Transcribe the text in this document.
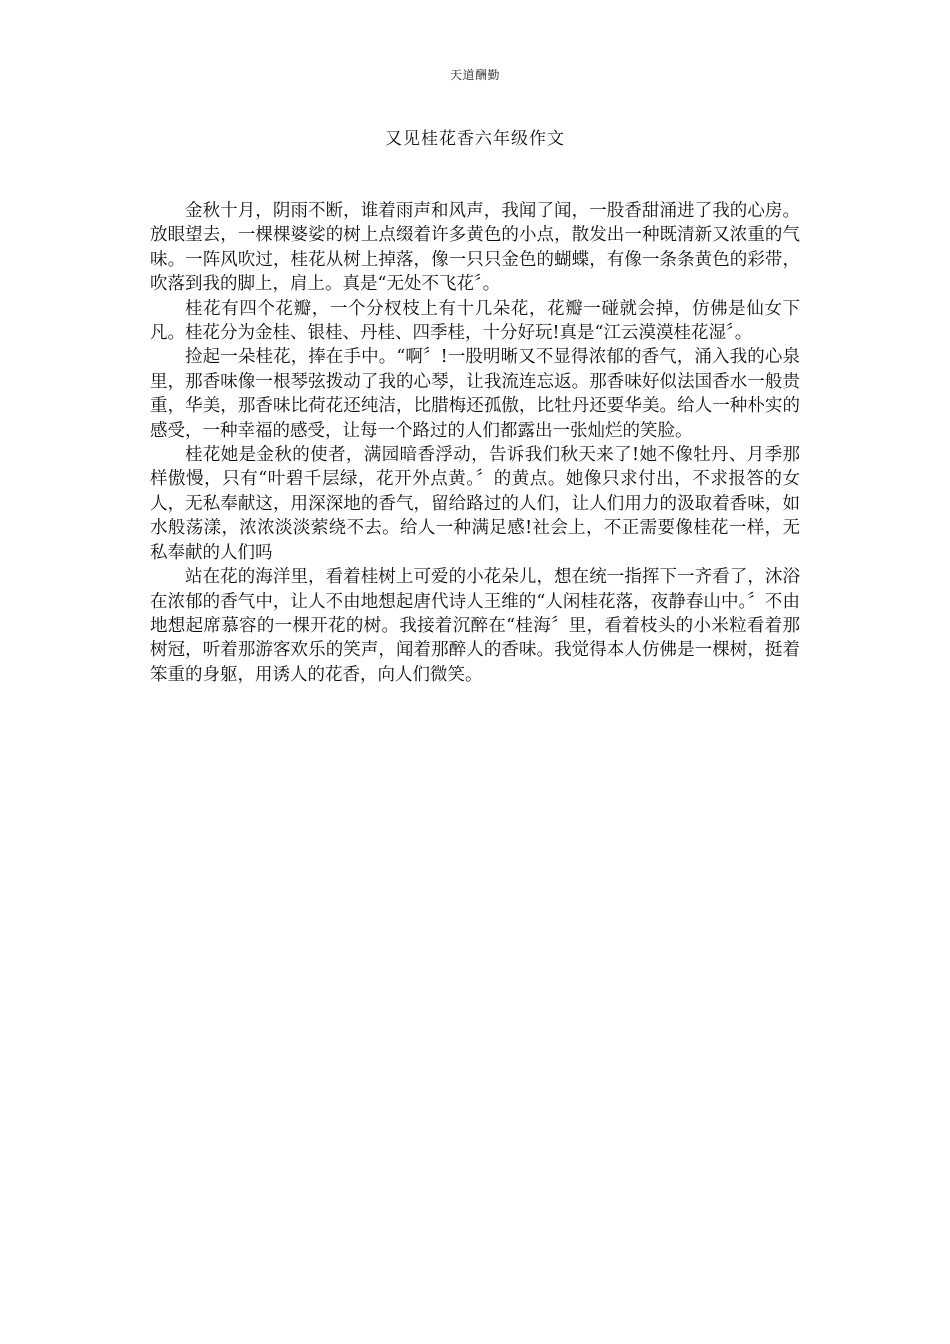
天道酬勤
又见桂花香六年级作文

金秋十月，阴雨不断，谁着雨声和风声，我闻了闻，一股香甜涌进了我的心房。放眼望去，一棵棵婆娑的树上点缀着许多黄色的小点，散发出一种既清新又浓重的气味。一阵风吹过，桂花从树上掉落，像一只只金色的蝴蝶，有像一条条黄色的彩带，吹落到我的脚上，肩上。真是“无处不飞花〞。

桂花有四个花瓣，一个分杈枝上有十几朵花，花瓣一碰就会掉，仿佛是仙女下凡。桂花分为金桂、银桂、丹桂、四季桂，十分好玩!真是“江云漠漠桂花湿〞。

捡起一朵桂花，捧在手中。“啊〞!一股明晰又不显得浓郁的香气，涌入我的心泉里，那香味像一根琴弦拨动了我的心琴，让我流连忘返。那香味好似法国香水一般贵重，华美，那香味比荷花还纯洁，比腊梅还孤傲，比牡丹还要华美。给人一种朴实的感受，一种幸福的感受，让每一个路过的人们都露出一张灿烂的笑脸。

桂花她是金秋的使者，满园暗香浮动，告诉我们秋天来了!她不像牡丹、月季那样傲慢，只有“叶碧千层绿，花开外点黄。〞的黄点。她像只求付出，不求报答的女人，无私奉献这，用深深地的香气，留给路过的人们，让人们用力的汲取着香味，如水般荡漾，浓浓淡淡萦绕不去。给人一种满足感!社会上，不正需要像桂花一样，无私奉献的人们吗

站在花的海洋里，看着桂树上可爱的小花朵儿，想在统一指挥下一齐看了，沐浴在浓郁的香气中，让人不由地想起唐代诗人王维的“人闲桂花落，夜静春山中。〞不由地想起席慕容的一棵开花的树。我接着沉醉在“桂海〞里，看着枝头的小米粒看着那树冠，听着那游客欢乐的笑声，闻着那醉人的香味。我觉得本人仿佛是一棵树，挺着笨重的身躯，用诱人的花香，向人们微笑。
